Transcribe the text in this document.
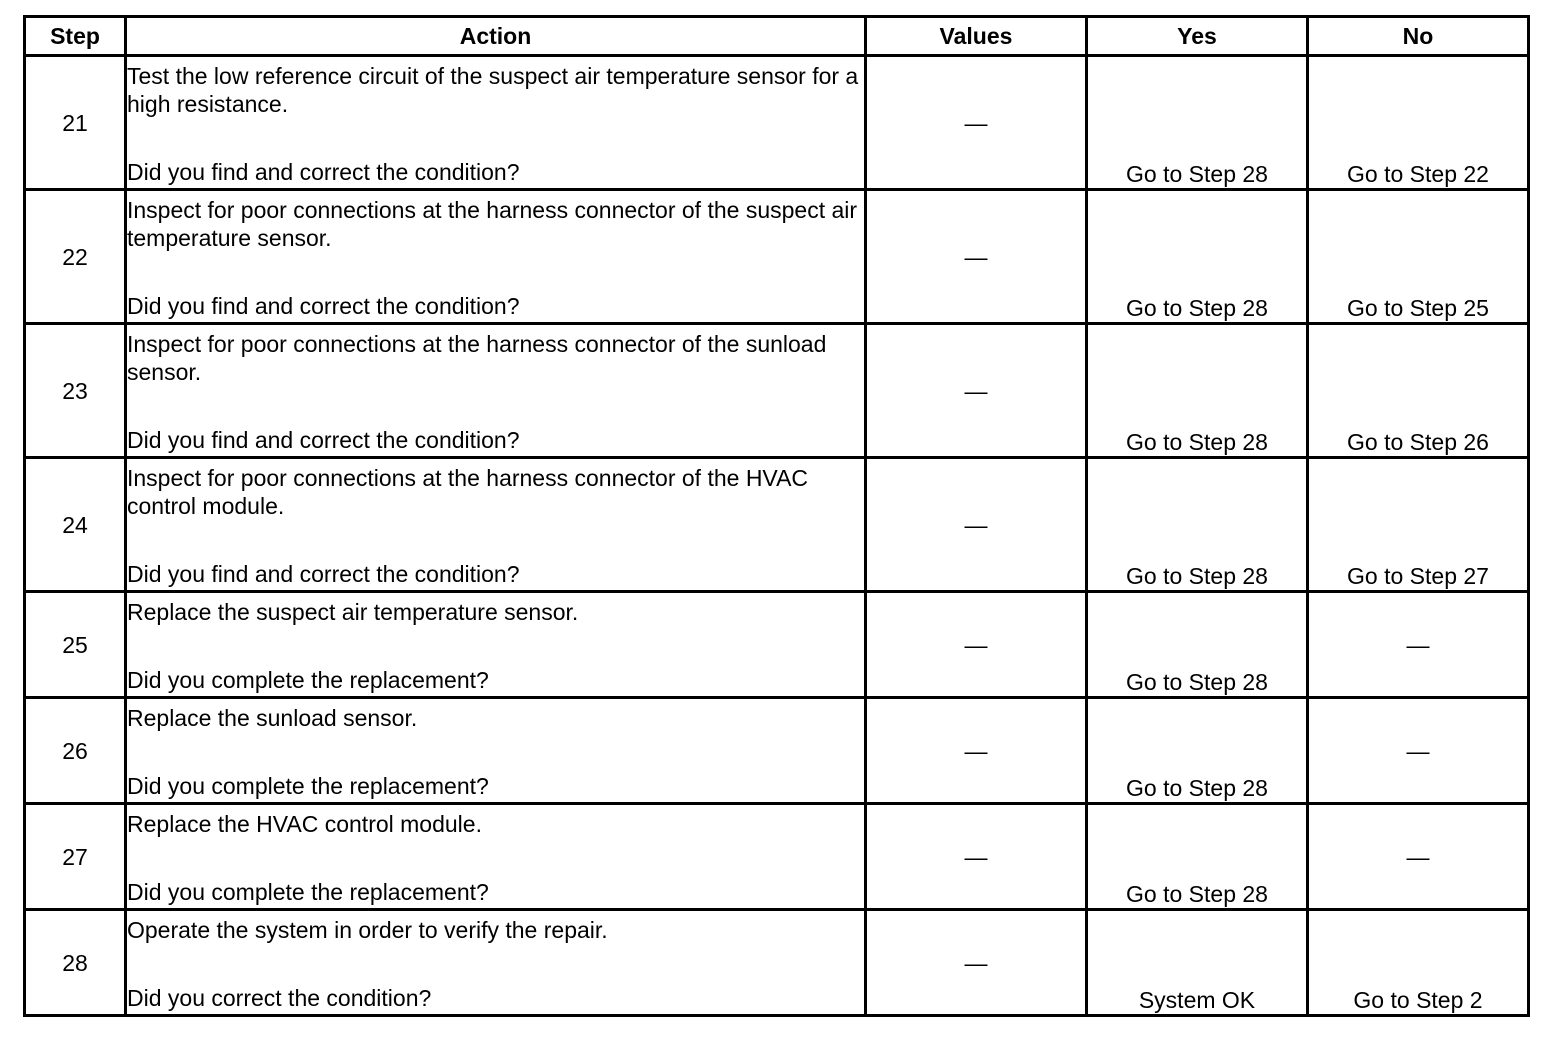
Step	Action	Values	Yes	No
21	Test the low reference circuit of the suspect air temperature sensor for a high resistance.
Did you find and correct the condition?	—	Go to Step 28	Go to Step 22
22	Inspect for poor connections at the harness connector of the suspect air temperature sensor.
Did you find and correct the condition?	—	Go to Step 28	Go to Step 25
23	Inspect for poor connections at the harness connector of the sunload sensor.
Did you find and correct the condition?	—	Go to Step 28	Go to Step 26
24	Inspect for poor connections at the harness connector of the HVAC control module.
Did you find and correct the condition?	—	Go to Step 28	Go to Step 27
25	Replace the suspect air temperature sensor.
Did you complete the replacement?	—	Go to Step 28	—
26	Replace the sunload sensor.
Did you complete the replacement?	—	Go to Step 28	—
27	Replace the HVAC control module.
Did you complete the replacement?	—	Go to Step 28	—
28	Operate the system in order to verify the repair.
Did you correct the condition?	—	System OK	Go to Step 2
